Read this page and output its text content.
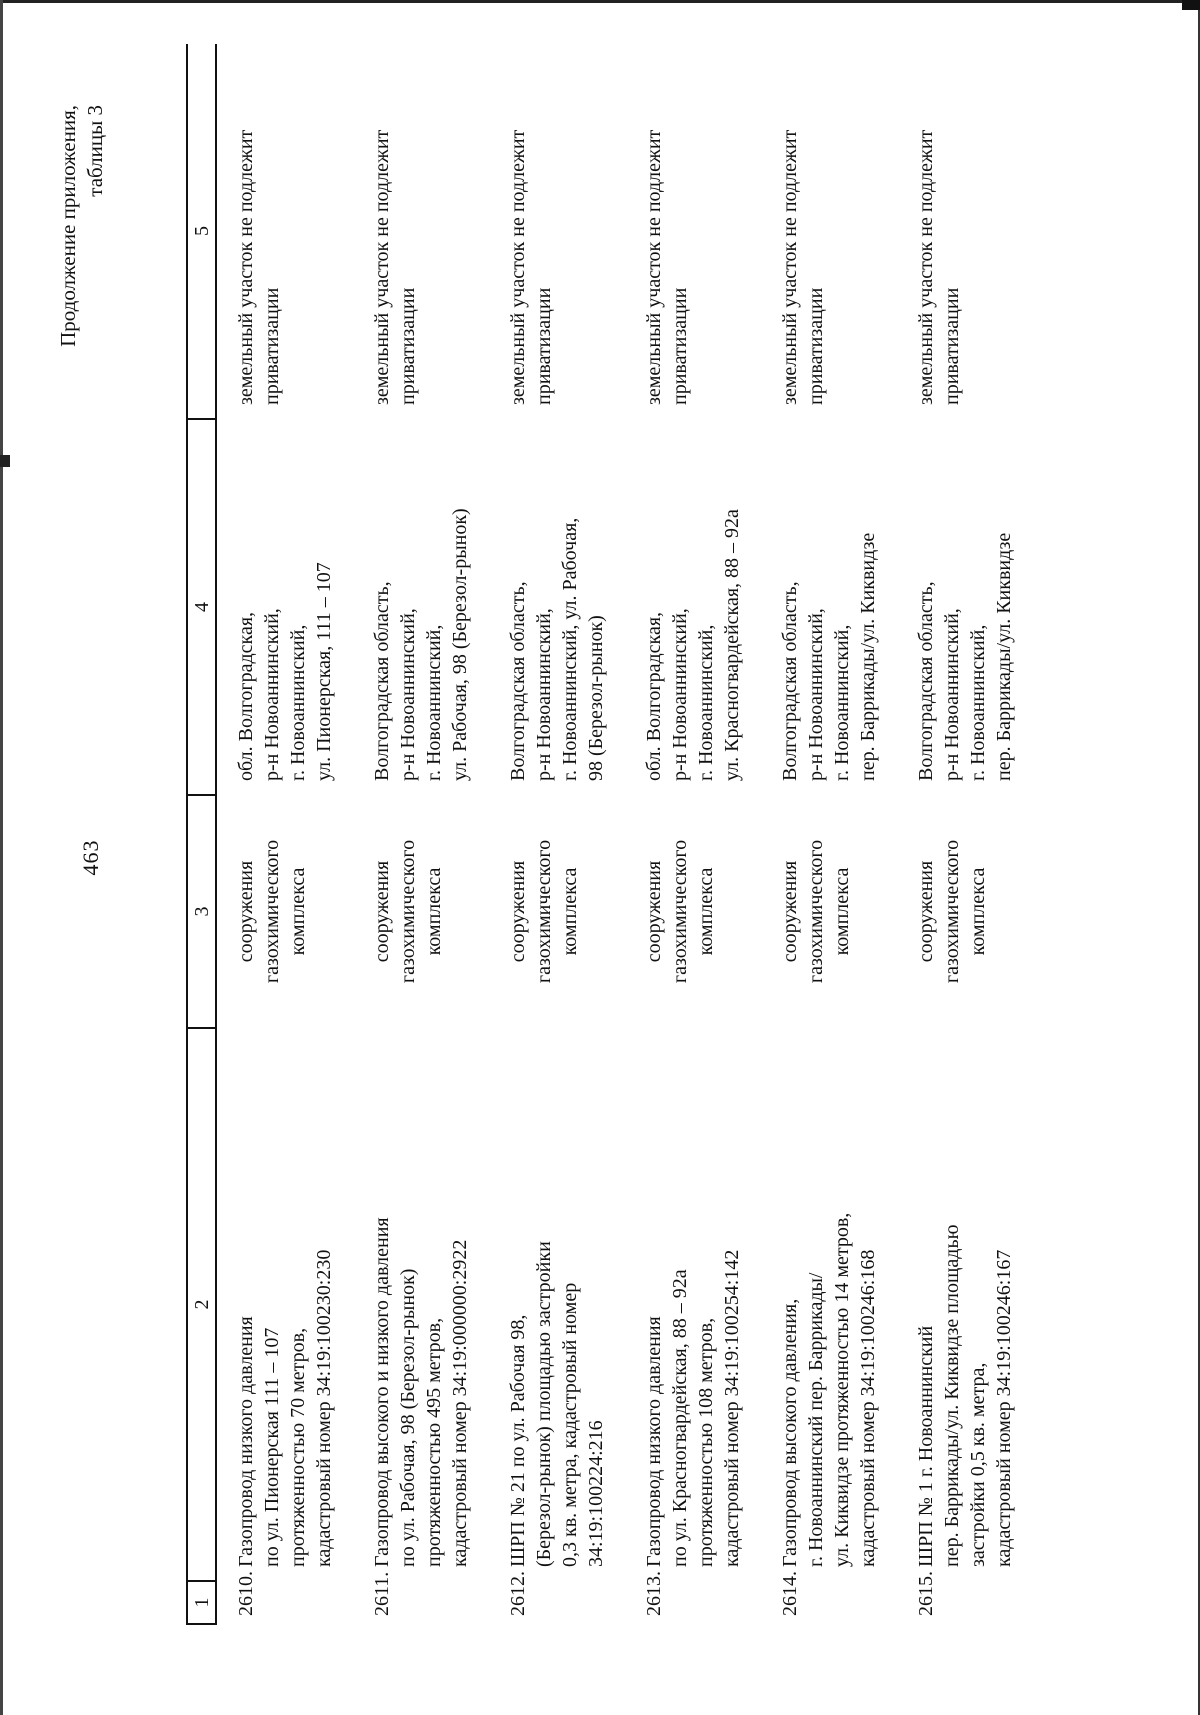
463
Продолжение приложения, таблицы 3
1	2	3	4	5
2610.	Газопровод низкого давления по ул. Пионерская 111 – 107 протяженностью 70 метров, кадастровый номер 34:19:100230:230	сооружения газохимического комплекса	обл. Волгоградская, р-н Новоаннинский, г. Новоаннинский, ул. Пионерская, 111 – 107	земельный участок не подлежит приватизации

2611.	Газопровод высокого и низкого давления по ул. Рабочая, 98 (Березол-рынок) протяженностью 495 метров, кадастровый номер 34:19:000000:2922	сооружения газохимического комплекса	Волгоградская область, р-н Новоаннинский, г. Новоаннинский, ул. Рабочая, 98 (Березол-рынок)	земельный участок не подлежит приватизации

2612.	ШРП № 21 по ул. Рабочая 98, (Березол-рынок) площадью застройки 0,3 кв. метра, кадастровый номер 34:19:100224:216	сооружения газохимического комплекса	Волгоградская область, р-н Новоаннинский, г. Новоаннинский, ул. Рабочая, 98 (Березол-рынок)	земельный участок не подлежит приватизации

2613.	Газопровод низкого давления по ул. Красногвардейская, 88 – 92а протяженностью 108 метров, кадастровый номер 34:19:100254:142	сооружения газохимического комплекса	обл. Волгоградская, р-н Новоаннинский, г. Новоаннинский, ул. Красногвардейская, 88 – 92а	земельный участок не подлежит приватизации

2614.	Газопровод высокого давления, г. Новоаннинский пер. Баррикады/ ул. Киквидзе протяженностью 14 метров, кадастровый номер 34:19:100246:168	сооружения газохимического комплекса	Волгоградская область, р-н Новоаннинский, г. Новоаннинский, пер. Баррикады/ул. Киквидзе	земельный участок не подлежит приватизации

2615.	ШРП № 1 г. Новоаннинский пер. Баррикады/ул. Киквидзе площадью застройки 0,5 кв. метра, кадастровый номер 34:19:100246:167	сооружения газохимического комплекса	Волгоградская область, р-н Новоаннинский, г. Новоаннинский, пер. Баррикады/ул. Киквидзе	земельный участок не подлежит приватизации
